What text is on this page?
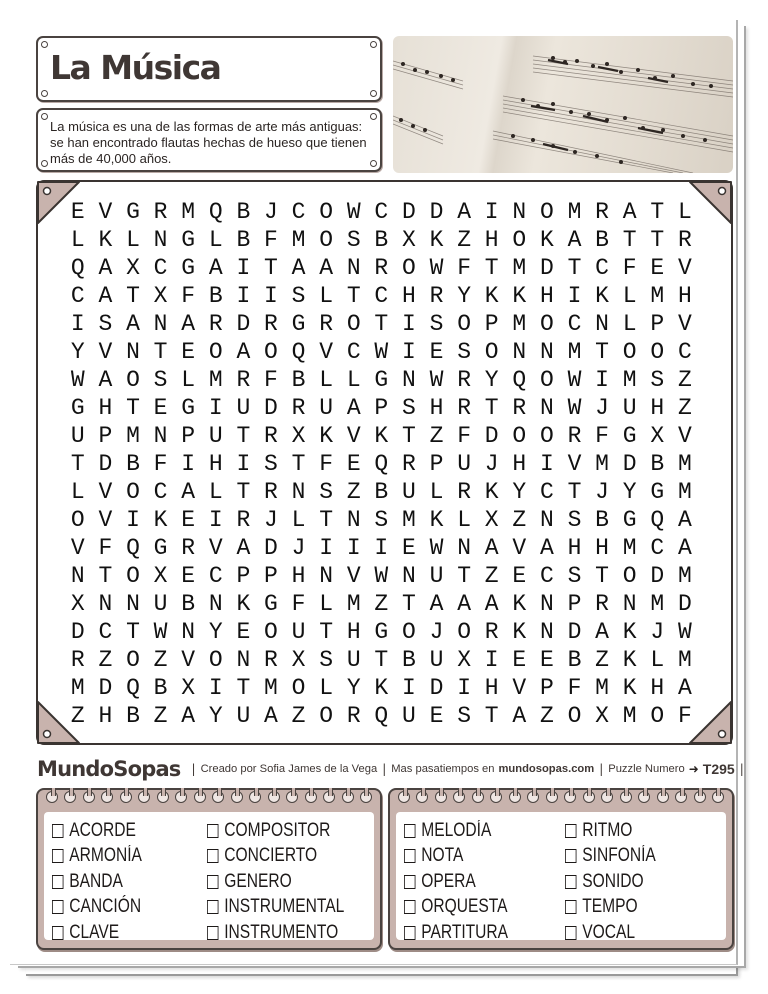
La Música

La música es una de las formas de arte más antiguas: se han encontrado flautas hechas de hueso que tienen más de 40,000 años.

E V G R M Q B J C O W C D D A I N O M R A T L
L K L N G L B F M O S B X K Z H O K A B T T R
Q A X C G A I T A A N R O W F T M D T C F E V
C A T X F B I I S L T C H R Y K K H I K L M H
I S A N A R D R G R O T I S O P M O C N L P V
Y V N T E O A O Q V C W I E S O N N M T O O C
W A O S L M R F B L L G N W R Y Q O W I M S Z
G H T E G I U D R U A P S H R T R N W J U H Z
U P M N P U T R X K V K T Z F D O O R F G X V
T D B F I H I S T F E Q R P U J H I V M D B M
L V O C A L T R N S Z B U L R K Y C T J Y G M
O V I K E I R J L T N S M K L X Z N S B G Q A
V F Q G R V A D J I I I E W N A V A H H M C A
N T O X E C P P H N V W N U T Z E C S T O D M
X N N U B N K G F L M Z T A A A K N P R N M D
D C T W N Y E O U T H G O J O R K N D A K J W
R Z O Z V O N R X S U T B U X I E E B Z K L M
M D Q B X I T M O L Y K I D I H V P F M K H A
Z H B Z A Y U A Z O R Q U E S T A Z O X M O F
MundoSopas | Creado por Sofia James de la Vega | Mas pasatiempos en mundosopas.com | Puzzle Numero ➜ T295 |
ACORDE
ARMONÍA
BANDA
CANCIÓN
CLAVE
COMPOSITOR
CONCIERTO
GENERO
INSTRUMENTAL
INSTRUMENTO
MELODÍA
NOTA
OPERA
ORQUESTA
PARTITURA
RITMO
SINFONÍA
SONIDO
TEMPO
VOCAL
